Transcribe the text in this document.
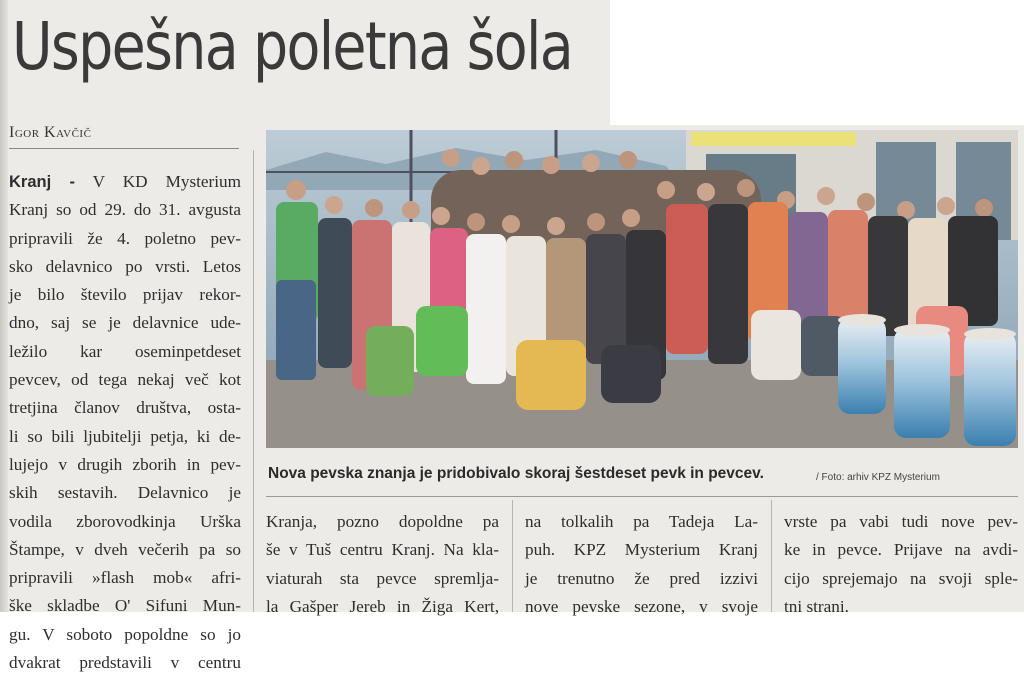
Uspešna poletna šola
Igor Kavčič
Kranj - V KD Mysterium
Kranj so od 29. do 31. avgusta
pripravili že 4. poletno pev-
sko delavnico po vrsti. Letos
je bilo število prijav rekor-
dno, saj se je delavnice ude-
ležilo kar oseminpetdeset
pevcev, od tega nekaj več kot
tretjina članov društva, osta-
li so bili ljubitelji petja, ki de-
lujejo v drugih zborih in pev-
skih sestavih. Delavnico je
vodila zborovodkinja Urška
Štampe, v dveh večerih pa so
pripravili »flash mob« afri-
ške skladbe O' Sifuni Mun-
gu. V soboto popoldne so jo
dvakrat predstavili v centru
Nova pevska znanja je pridobivalo skoraj šestdeset pevk in pevcev.	/ Foto: arhiv KPZ Mysterium
Kranja, pozno dopoldne pa
še v Tuš centru Kranj. Na kla-
viaturah sta pevce spremlja-
la Gašper Jereb in Žiga Kert,
na tolkalih pa Tadeja La-
puh. KPZ Mysterium Kranj
je trenutno že pred izzivi
nove pevske sezone, v svoje
vrste pa vabi tudi nove pev-
ke in pevce. Prijave na avdi-
cijo sprejemajo na svoji sple-
tni strani.
